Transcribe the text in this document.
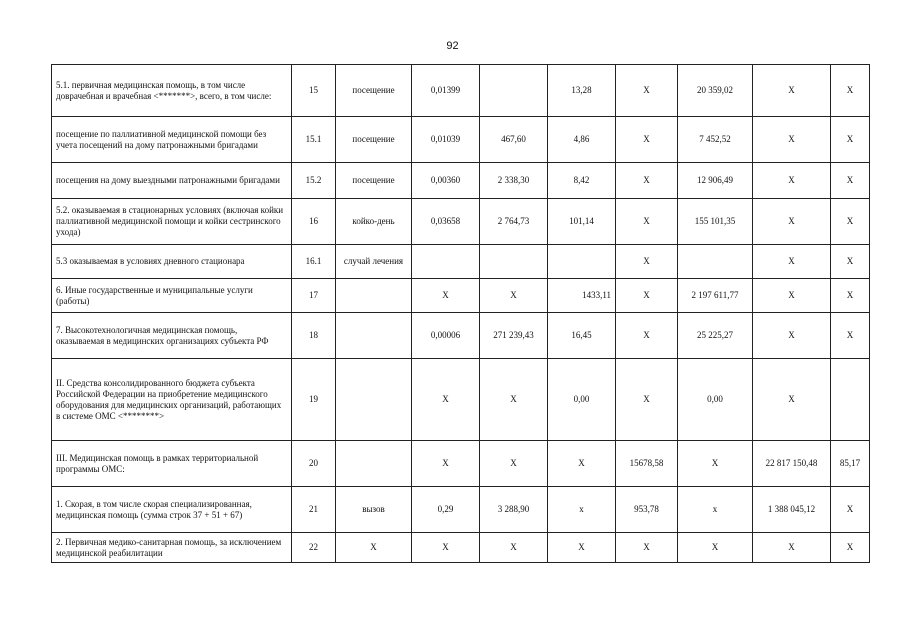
92
5.1. первичная медицинская помощь, в том числе доврачебная и врачебная <*******>, всего, в том числе:	15	посещение	0,01399		13,28	Х	20 359,02	Х	Х
посещение по паллиативной медицинской помощи без учета посещений на дому патронажными бригадами	15.1	посещение	0,01039	467,60	4,86	Х	7 452,52	Х	Х
посещения на дому выездными патронажными бригадами	15.2	посещение	0,00360	2 338,30	8,42	Х	12 906,49	Х	Х
5.2. оказываемая в стационарных условиях (включая койки паллиативной медицинской помощи и койки сестринского ухода)	16	койко-день	0,03658	2 764,73	101,14	Х	155 101,35	Х	Х
5.3 оказываемая в условиях дневного стационара	16.1	случай лечения				Х		Х	Х
6. Иные государственные и муниципальные услуги (работы)	17		Х	Х	1433,11	Х	2 197 611,77	Х	Х
7. Высокотехнологичная медицинская помощь, оказываемая в медицинских организациях субъекта РФ	18		0,00006	271 239,43	16,45	Х	25 225,27	Х	Х
II. Средства консолидированного бюджета субъекта Российской Федерации на приобретение медицинского оборудования для медицинских организаций, работающих в системе ОМС <********>	19		Х	Х	0,00	Х	0,00	Х	
III. Медицинская помощь в рамках территориальной программы ОМС:	20		Х	Х	Х	15678,58	Х	22 817 150,48	85,17
1. Скорая, в том числе скорая специализированная, медицинская помощь (сумма строк 37 + 51 + 67)	21	вызов	0,29	3 288,90	х	953,78	х	1 388 045,12	Х
2. Первичная медико-санитарная помощь, за исключением медицинской реабилитации	22	Х	Х	Х	Х	Х	Х	Х	Х
